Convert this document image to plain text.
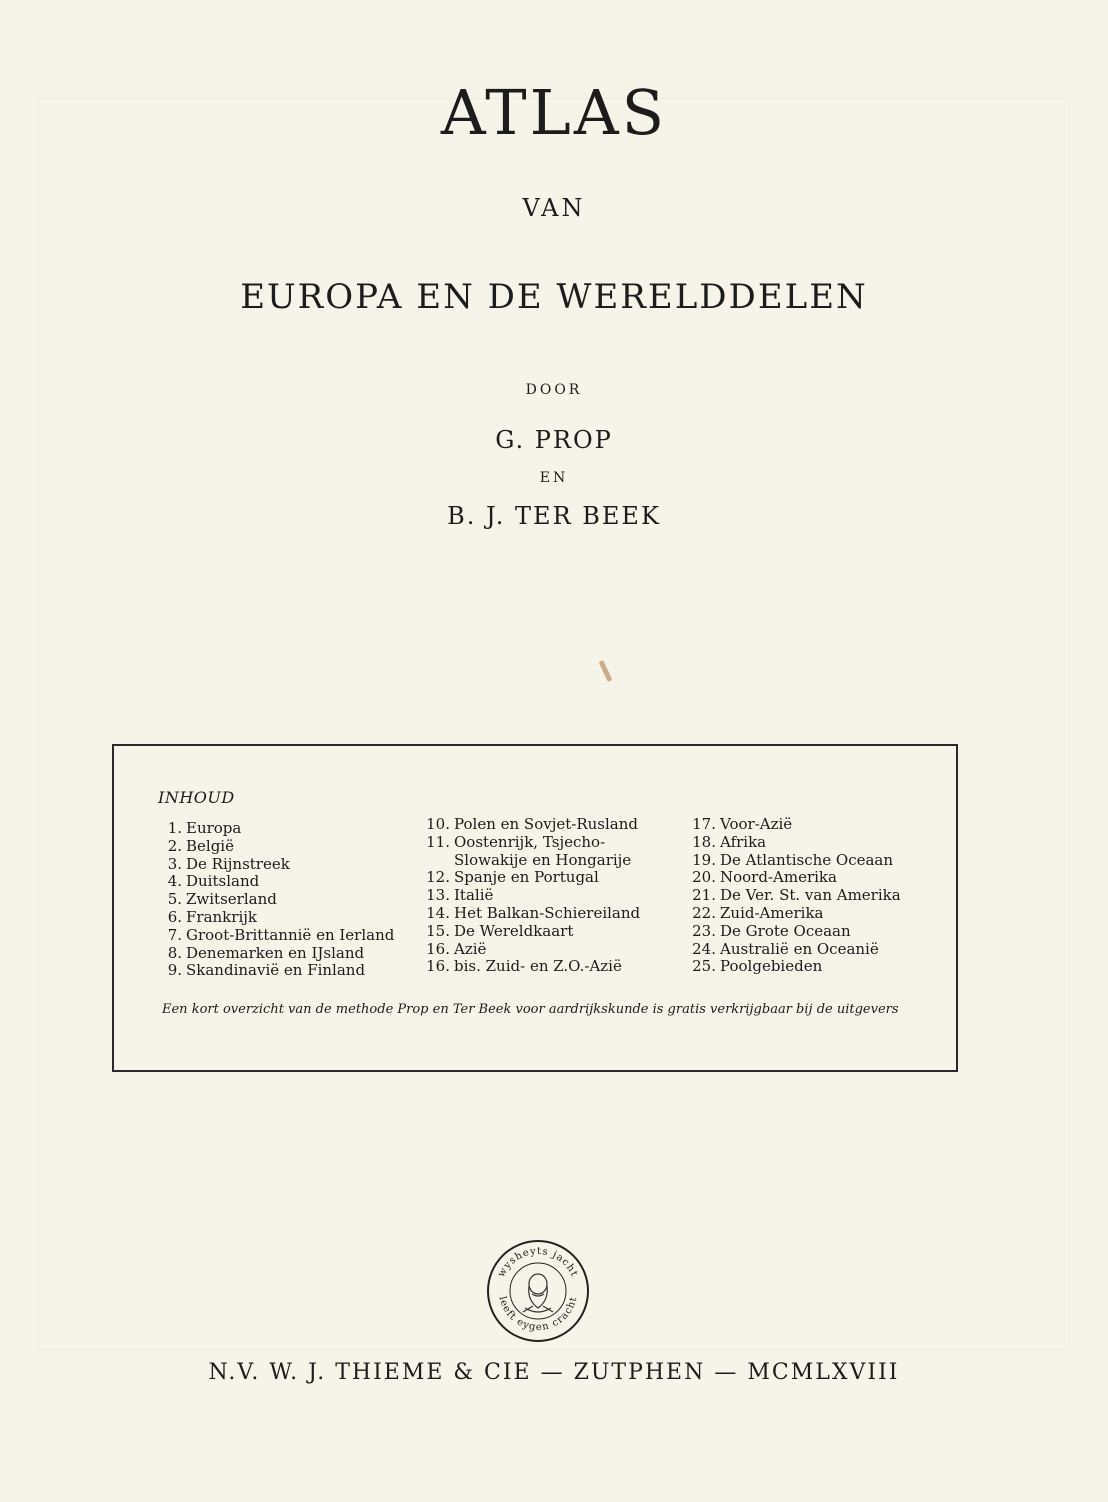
ATLAS
VAN
EUROPA EN DE WERELDDELEN
DOOR
G. PROP
EN
B. J. TER BEEK
INHOUD
1. Europa
2. België
3. De Rijnstreek
4. Duitsland
5. Zwitserland
6. Frankrijk
7. Groot-Brittannië en Ierland
8. Denemarken en IJsland
9. Skandinavië en Finland
10. Polen en Sovjet-Rusland
11. Oostenrijk, Tsjecho-
Slowakije en Hongarije
12. Spanje en Portugal
13. Italië
14. Het Balkan-Schiereiland
15. De Wereldkaart
16. Azië
16. bis. Zuid- en Z.O.-Azië
17. Voor-Azië
18. Afrika
19. De Atlantische Oceaan
20. Noord-Amerika
21. De Ver. St. van Amerika
22. Zuid-Amerika
23. De Grote Oceaan
24. Australië en Oceanië
25. Poolgebieden
Een kort overzicht van de methode Prop en Ter Beek voor aardrijkskunde is gratis verkrijgbaar bij de uitgevers
wysheyts jacht
leeft eygen cracht
N.V. W. J. THIEME & CIE — ZUTPHEN — MCMLXVIII
